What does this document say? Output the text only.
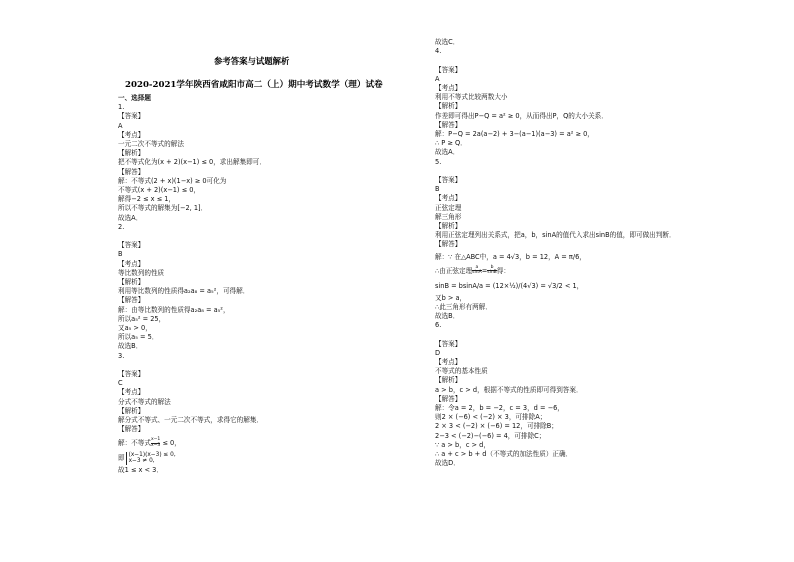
参考答案与试题解析
2020-2021学年陕西省咸阳市高二（上）期中考试数学（理）试卷
一、选择题
1.
【答案】
A
【考点】
一元二次不等式的解法
【解析】
把不等式化为(x + 2)(x−1) ≤ 0，求出解集即可．
【解答】
解：不等式(2 + x)(1−x) ≥ 0可化为
不等式(x + 2)(x−1) ≤ 0，
解得−2 ≤ x ≤ 1，
所以不等式的解集为[−2, 1]．
故选A．
2.
【答案】
B
【考点】
等比数列的性质
【解析】
利用等比数列的性质得a₂a₈ = a₅²，可得解．
【解答】
解：由等比数列的性质得a₂a₈ = a₅²，
所以a₅² = 25，
又a₅ > 0，
所以a₅ = 5．
故选B．
3.
【答案】
C
【考点】
分式不等式的解法
【解析】
解分式不等式、一元二次不等式，求得它的解集．
【解答】
解：不等式 $\frac{x-1}{x-3} \le 0$，
即 (x−1)(x−3) ≤ 0,
x−3 ≠ 0,
故1 ≤ x < 3．
故选C．
4.
【答案】
A
【考点】
利用不等式比较两数大小
【解析】
作差即可得出P−Q = a² ≥ 0，从而得出P，Q的大小关系．
【解答】
解：P−Q = 2a(a−2) + 3−(a−1)(a−3) = a² ≥ 0，
∴ P ≥ Q．
故选A．
5.
【答案】
B
【考点】
正弦定理
解三角形
【解析】
利用正弦定理列出关系式，把a，b，sinA的值代入求出sinB的值，即可做出判断．
【解答】
解：∵ 在△ABC中，a = 4√3，b = 12，A = π/6，
∴由正弦定理 $\frac{a}{\sin A} = \frac{b}{\sin B}$ 得：
sinB = bsinA/a = (12×½)/(4√3) = √3/2 < 1，
又b > a，
∴此三角形有两解．
故选B．
6.
【答案】
D
【考点】
不等式的基本性质
【解析】
a > b，c > d，根据不等式的性质即可得到答案．
【解答】
解：令a = 2，b = −2，c = 3，d = −6，
则2 × (−6) < (−2) × 3，可排除A；
2 × 3 < (−2) × (−6) = 12，可排除B；
2−3 < (−2)−(−6) = 4，可排除C；
∵ a > b，c > d，
∴ a + c > b + d（不等式的加法性质）正确．
故选D．
